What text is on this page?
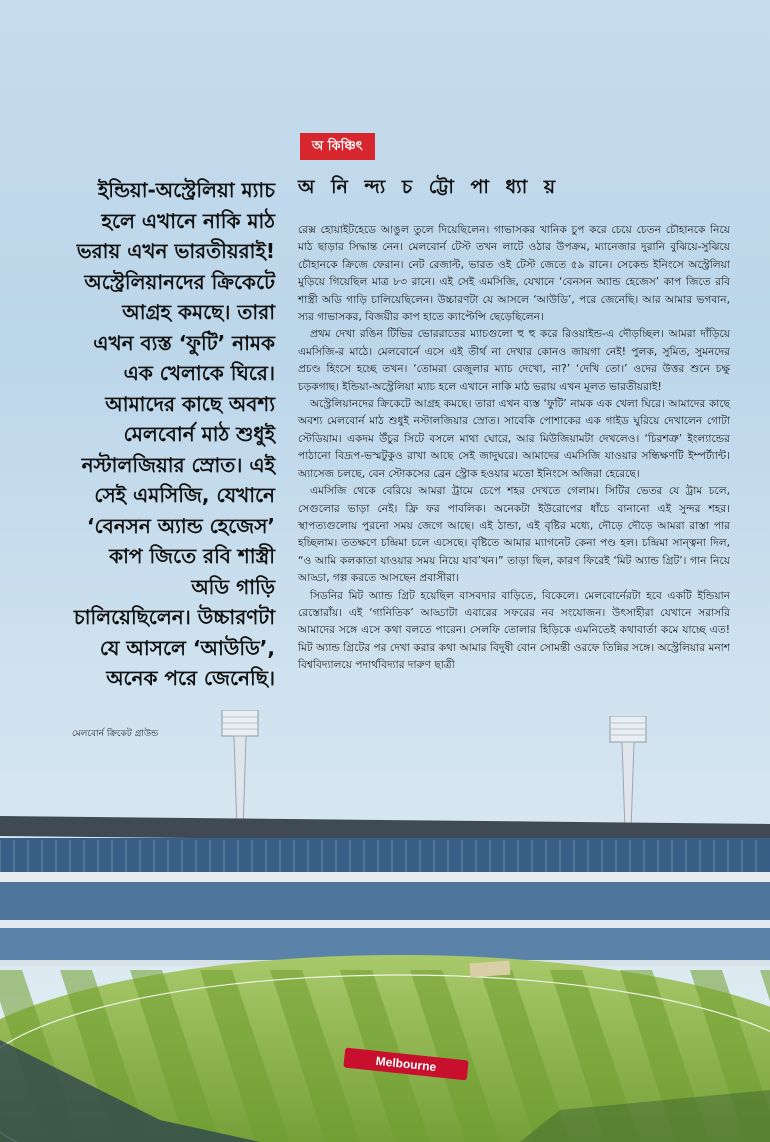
অ কিঞ্চিৎ
অ নি ন্দ্য চ ট্টো পা ধ্যা য়
ইন্ডিয়া-অস্ট্রেলিয়া ম্যাচ
হলে এখানে নাকি মাঠ
ভরায় এখন ভারতীয়রাই!
অস্ট্রেলিয়ানদের ক্রিকেটে
আগ্রহ কমছে। তারা
এখন ব্যস্ত ‘ফুটি’ নামক
এক খেলাকে ঘিরে।
আমাদের কাছে অবশ্য
মেলবোর্ন মাঠ শুধুই
নস্টালজিয়ার স্রোত। এই
সেই এমসিজি, যেখানে
‘বেনসন অ্যান্ড হেজেস’
কাপ জিতে রবি শাস্ত্রী
অডি গাড়ি
চালিয়েছিলেন। উচ্চারণটা
যে আসলে ‘আউডি’,
অনেক পরে জেনেছি।

রেক্স হোয়াইটহেডে আঙুল তুলে দিয়েছিলেন। গাভাসকর খানিক চুপ করে চেয়ে চেতন চৌহানকে নিয়ে মাঠ ছাড়ার সিদ্ধান্ত নেন। মেলবোর্ন টেস্ট তখন লাটে ওঠার উপক্রম, ম্যানেজার দুরানি বুঝিয়ে-সুঝিয়ে চৌহানকে ক্রিজে ফেরান। নেট রেজাল্ট, ভারত ওই টেস্ট জেতে ৫৯ রানে। সেকেন্ড ইনিংসে অস্ট্রেলিয়া মুড়িয়ে গিয়েছিল মাত্র ৮৩ রানে। এই সেই এমসিজি, যেখানে ‘বেনসন অ্যান্ড হেজেস’ কাপ জিতে রবি শাস্ত্রী অডি গাড়ি চালিয়েছিলেন। উচ্চারণটা যে আসলে ‘আউডি’, পরে জেনেছি। আর আমার ভগবান, স্যর গাভাসকর, বিজয়ীর কাপ হাতে ক্যাপ্টেন্সি ছেড়েছিলেন।

প্রথম দেখা রঙিন টিভির ভোররাতের ম্যাচগুলো হু হু করে রিওয়াইন্ড-এ দৌড়চ্ছিল। আমরা দাঁড়িয়ে এমসিজি-র মাঠে। মেলবোর্নে এসে এই তীর্থ না দেখার কোনও জায়গা নেই! পুলক, সুমিত, সুমনদের প্রচণ্ড হিংসে হচ্ছে তখন। ‘তোমরা রেজুলার ম্যাচ দেখো, না?’ ‘দেখি তো।’ ওদের উত্তর শুনে চক্ষু চড়কগাছ। ইন্ডিয়া-অস্ট্রেলিয়া ম্যাচ হলে এখানে নাকি মাঠ ভরায় এখন মূলত ভারতীয়রাই!

অস্ট্রেলিয়ানদের ক্রিকেটে আগ্রহ কমছে। তারা এখন ব্যস্ত ‘ফুটি’ নামক এক খেলা ঘিরে। আমাদের কাছে অবশ্য মেলবোর্ন মাঠ শুধুই নস্টালজিয়ার স্রোত। সাবেকি পোশাকের এক গাইড ঘুরিয়ে দেখালেন গোটা স্টেডিয়াম। একদম উঁচুর সিটে বসলে মাথা ঘোরে, আর মিউজিয়ামটা দেখলেও। ‘চিরশত্রু’ ইংল্যান্ডের পাঠানো বিদ্রূপ-ভস্মটুকুও রাখা আছে সেই জাদুঘরে। আমাদের এমসিজি যাওয়ার সন্ধিক্ষণটি ইম্পর্ট্যান্ট। অ্যাসেজ চলছে, বেন স্টোকসের ব্রেন স্ট্রোক হওয়ার মতো ইনিংসে অজিরা হেরেছে।

এমসিজি থেকে বেরিয়ে আমরা ট্রামে চেপে শহর দেখতে গেলাম। সিটির ভেতর যে ট্রাম চলে, সেগুলোর ভাড়া নেই। ফ্রি ফর পাবলিক। অনেকটা ইউরোপের ধাঁচে বানানো এই সুন্দর শহর। স্থাপত্যগুলোয় পুরনো সময় জেগে আছে। এই ঠান্ডা, এই বৃষ্টির মধ্যে, দৌড়ে দৌড়ে আমরা রাস্তা পার হচ্ছিলাম। ততক্ষণে চন্দ্রিমা চলে এসেছে। বৃষ্টিতে আমার ম্যাগনেট কেনা পণ্ড হল। চন্দ্রিমা সান্ত্বনা দিল, “ও আমি কলকাতা যাওয়ার সময় নিয়ে যাব’খন।” তাড়া ছিল, কারণ ফিরেই ‘মিট অ্যান্ড গ্রিট’। গান নিয়ে আড্ডা, গল্প করতে আসছেন প্রবাসীরা।

সিডনির মিট অ্যান্ড গ্রিট হয়েছিল বাসবদার বাড়িতে, বিকেলে। মেলবোর্নেরটা হবে একটি ইন্ডিয়ান রেস্তোরাঁয়। এই ‘গানিতিক’ আড্ডাটা এবারের সফরের নব সংযোজন। উৎসাহীরা যেখানে সরাসরি আমাদের সঙ্গে এসে কথা বলতে পারেন। সেলফি তোলার হিড়িকে এমনিতেই কথাবার্তা কমে যাচ্ছে এত! মিট অ্যান্ড গ্রিটের পর দেখা করার কথা আমার বিদুষী বোন সোমন্তী ওরফে তিন্নির সঙ্গে। অস্ট্রেলিয়ার মনাশ বিশ্ববিদ্যালয়ে পদার্থবিদ্যার দারুণ ছাত্রী

মেলবোর্ন ক্রিকেট গ্রাউন্ড
Melbourne
